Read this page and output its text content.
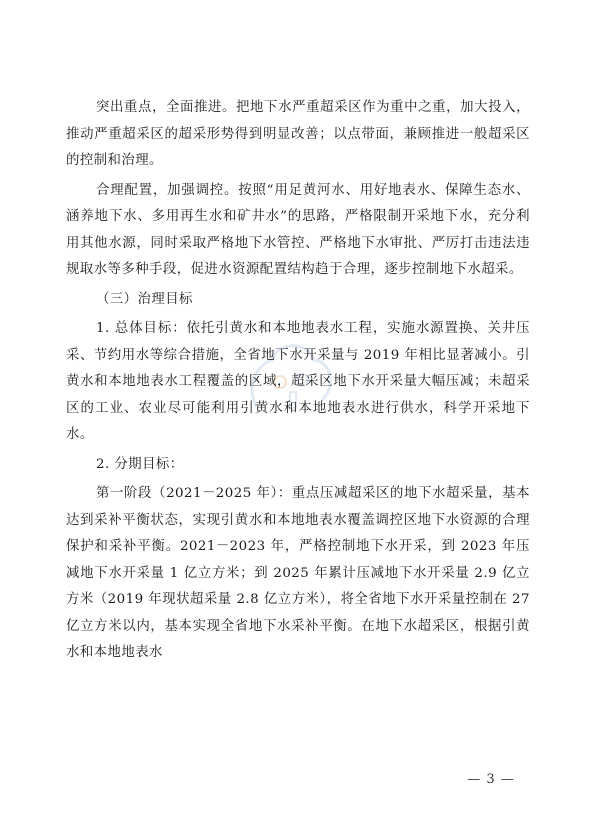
突出重点，全面推进。把地下水严重超采区作为重中之重，加大投入，推动严重超采区的超采形势得到明显改善；以点带面，兼顾推进一般超采区的控制和治理。

合理配置，加强调控。按照“用足黄河水、用好地表水、保障生态水、涵养地下水、多用再生水和矿井水”的思路，严格限制开采地下水，充分利用其他水源，同时采取严格地下水管控、严格地下水审批、严厉打击违法违规取水等多种手段，促进水资源配置结构趋于合理，逐步控制地下水超采。

（三）治理目标

1. 总体目标：依托引黄水和本地地表水工程，实施水源置换、关井压采、节约用水等综合措施，全省地下水开采量与 2019 年相比显著减小。引黄水和本地地表水工程覆盖的区域，超采区地下水开采量大幅压减；未超采区的工业、农业尽可能利用引黄水和本地地表水进行供水，科学开采地下水。

2. 分期目标：

第一阶段（2021－2025 年）：重点压减超采区的地下水超采量，基本达到采补平衡状态，实现引黄水和本地地表水覆盖调控区地下水资源的合理保护和采补平衡。2021－2023 年，严格控制地下水开采，到 2023 年压减地下水开采量 1 亿立方米；到 2025 年累计压减地下水开采量 2.9 亿立方米（2019 年现状超采量 2.8 亿立方米），将全省地下水开采量控制在 27 亿立方米以内，基本实现全省地下水采补平衡。在地下水超采区，根据引黄水和本地地表水

— 3 —
